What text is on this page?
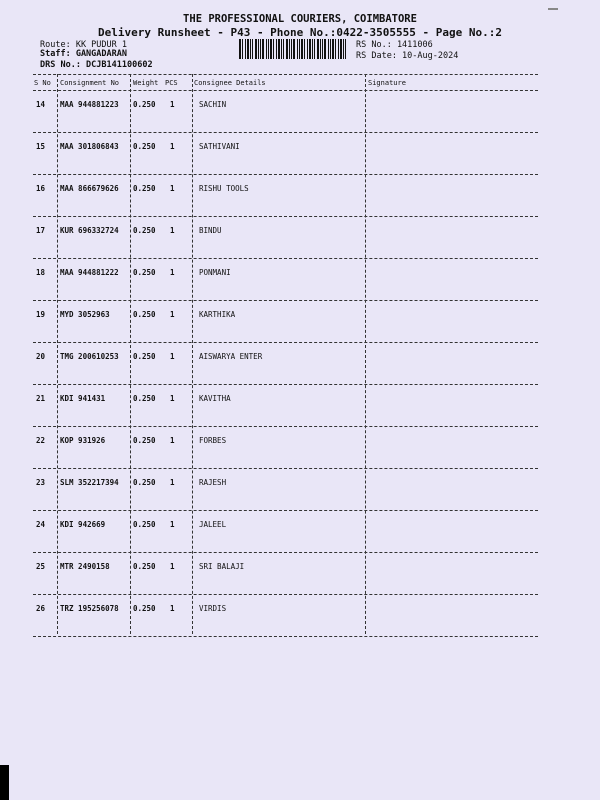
THE PROFESSIONAL COURIERS, COIMBATORE
Delivery Runsheet - P43 - Phone No.:0422-3505555 - Page No.:2
Route: KK PUDUR 1
Staff: GANGADARAN
DRS No.: DCJB141100602
RS No.: 1411006
RS Date: 10-Aug-2024
S No Consignment No Weight PCS Consignee Details	Signature
14 MAA 944881223 0.250 1	SACHIN
15 MAA 301806843 0.250 1	SATHIVANI
16 MAA 866679626 0.250 1	RISHU TOOLS
17 KUR 696332724 0.250 1	BINDU
18 MAA 944881222 0.250 1	PONMANI
19 MYD 3052963	0.250 1	KARTHIKA
20 TMG 200610253 0.250 1	AISWARYA ENTER
21 KDI 941431	0.250 1	KAVITHA
22 KOP 931926	0.250 1	FORBES
23 SLM 352217394 0.250 1	RAJESH
24 KDI 942669	0.250 1	JALEEL
25 MTR 2490158	0.250 1	SRI BALAJI
26 TRZ 195256078 0.250 1	VIRDIS
